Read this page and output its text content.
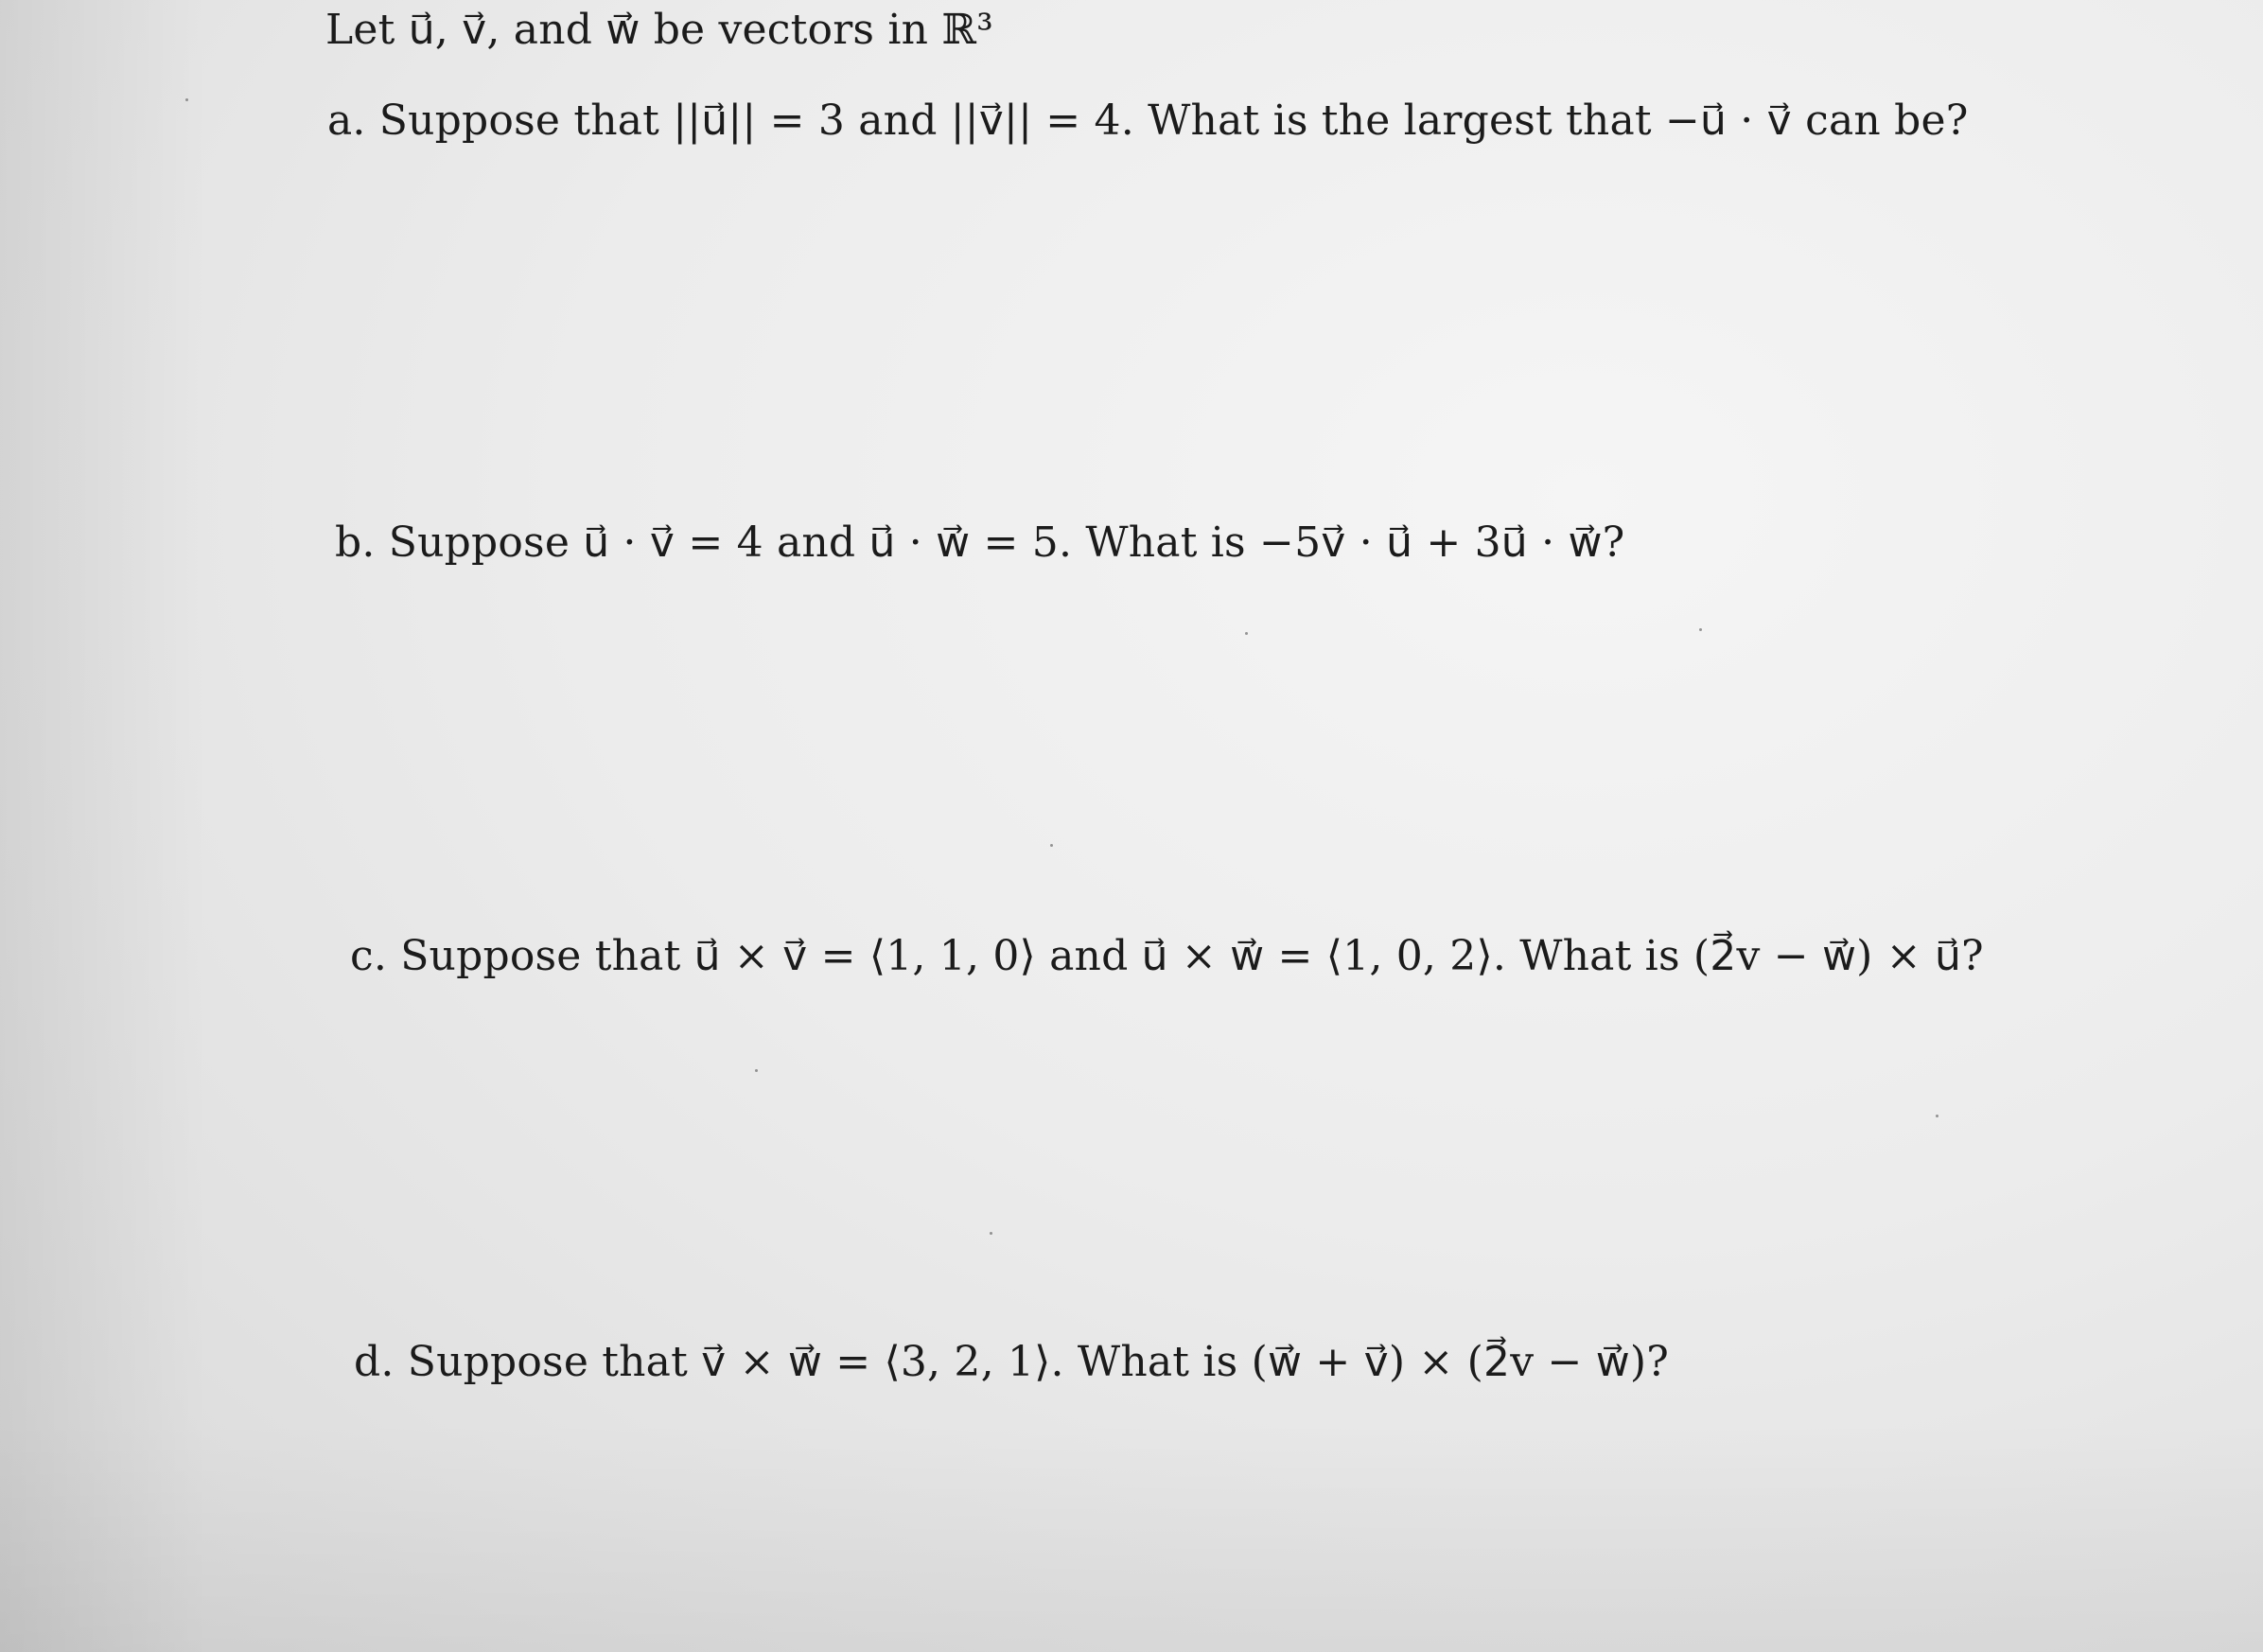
Let u⃗, v⃗, and w⃗ be vectors in ℝ³
a. Suppose that ||u⃗|| = 3 and ||v⃗|| = 4. What is the largest that −u⃗ · v⃗ can be?
b. Suppose u⃗ · v⃗ = 4 and u⃗ · w⃗ = 5. What is −5v⃗ · u⃗ + 3u⃗ · w⃗?
c. Suppose that u⃗ × v⃗ = ⟨1, 1, 0⟩ and u⃗ × w⃗ = ⟨1, 0, 2⟩. What is (2⃗v − w⃗) × u⃗?
d. Suppose that v⃗ × w⃗ = ⟨3, 2, 1⟩. What is (w⃗ + v⃗) × (2⃗v − w⃗)?
